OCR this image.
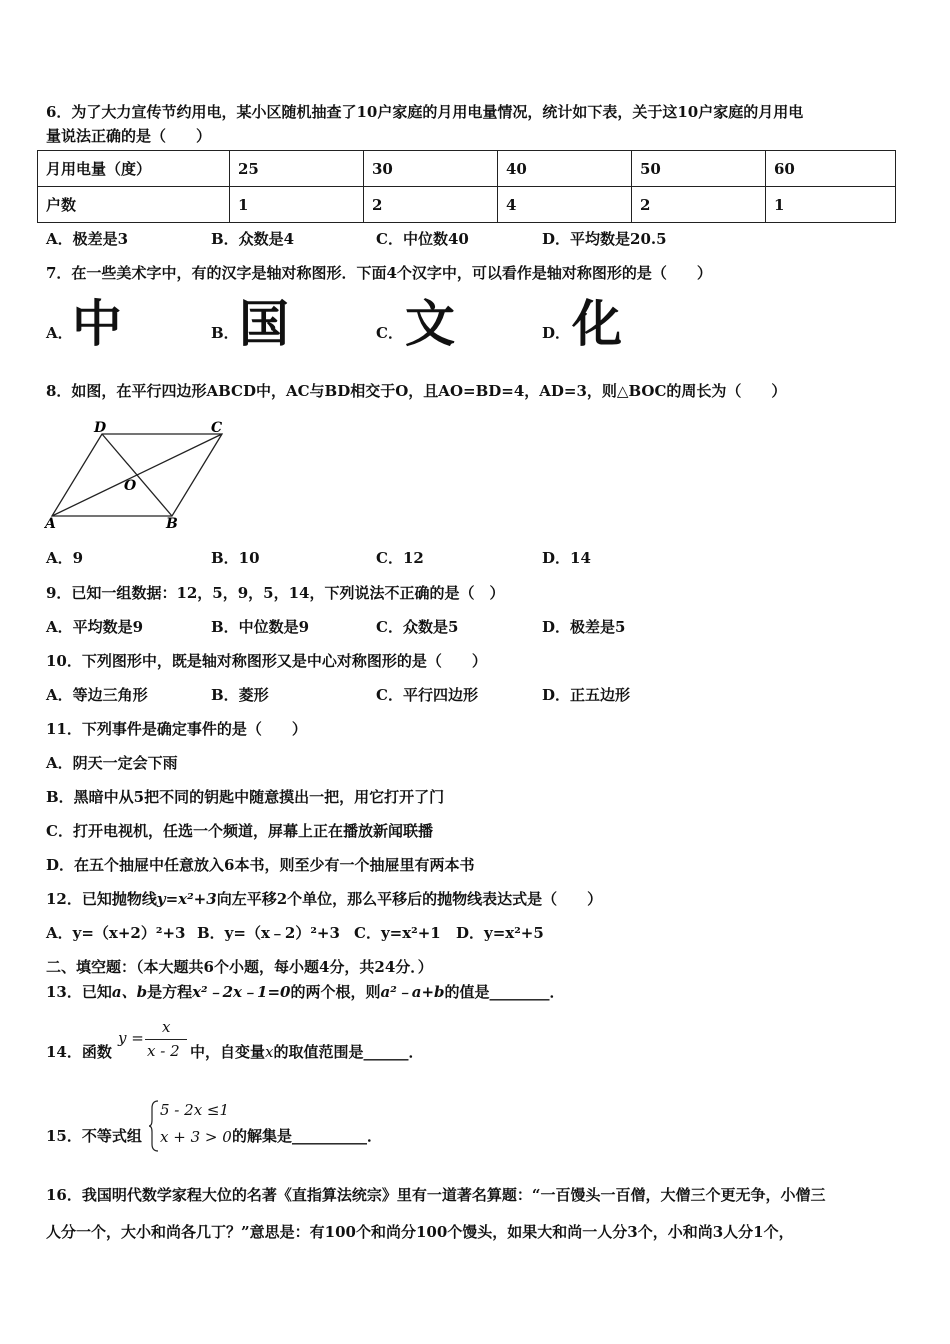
6．为了大力宣传节约用电，某小区随机抽查了10户家庭的月用电量情况，统计如下表，关于这10户家庭的月用电
量说法正确的是（　　）
月用电量（度）	25	30	40	50	60
户数	1	2	4	2	1
A．极差是3	B．众数是4	C．中位数40	D．平均数是20.5
7．在一些美术字中，有的汉字是轴对称图形．下面4个汉字中，可以看作是轴对称图形的是（　　）
A． 中	B． 国	C． 文	D． 化
8．如图，在平行四边形ABCD中，AC与BD相交于O，且AO=BD=4，AD=3，则△BOC的周长为（　　）
D	C
O
A	B
A．9	B．10	C．12	D．14
9．已知一组数据：12，5，9，5，14，下列说法不正确的是（　）
A．平均数是9	B．中位数是9	C．众数是5	D．极差是5
10．下列图形中，既是轴对称图形又是中心对称图形的是（　　）
A．等边三角形	B．菱形	C．平行四边形	D．正五边形
11．下列事件是确定事件的是（　　）
A．阴天一定会下雨
B．黑暗中从5把不同的钥匙中随意摸出一把，用它打开了门
C．打开电视机，任选一个频道，屏幕上正在播放新闻联播
D．在五个抽屉中任意放入6本书，则至少有一个抽屉里有两本书
12．已知抛物线y=x²+3向左平移2个单位，那么平移后的抛物线表达式是（　　）
A．y=（x+2）²+3 B．y=（x﹣2）²+3 C．y=x²+1 D．y=x²+5
二、填空题：（本大题共6个小题，每小题4分，共24分．）
13．已知a、b是方程x²﹣2x﹣1=0的两个根，则a²﹣a+b的值是________．
14．函数
y =
x
x - 2 中，自变量x的取值范围是______．
15．不等式组
5 - 2x ≤1
x + 3 > 0 的解集是__________．
16．我国明代数学家程大位的名著《直指算法统宗》里有一道著名算题：“一百馒头一百僧，大僧三个更无争，小僧三
人分一个，大小和尚各几丁？”意思是：有100个和尚分100个馒头，如果大和尚一人分3个，小和尚3人分1个，
